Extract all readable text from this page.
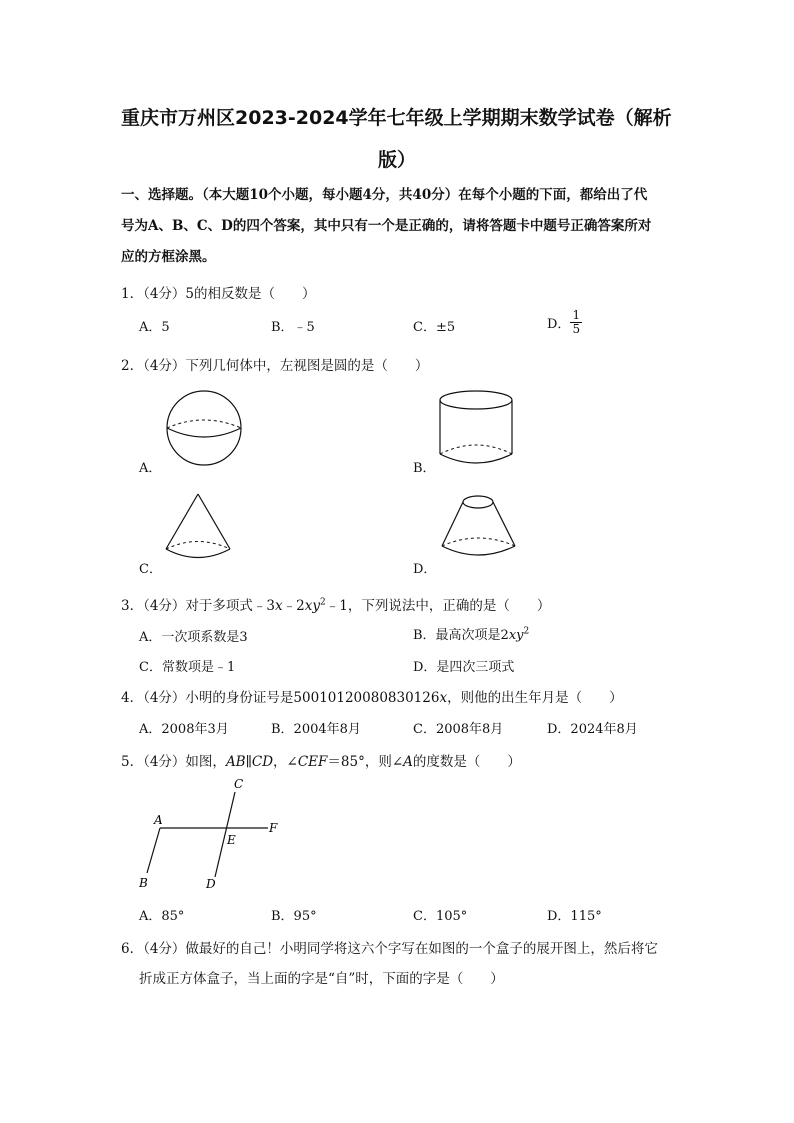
重庆市万州区2023-2024学年七年级上学期期末数学试卷（解析
版）
一、选择题。（本大题10个小题，每小题4分，共40分）在每个小题的下面，都给出了代
号为A、B、C、D的四个答案，其中只有一个是正确的，请将答题卡中题号正确答案所对
应的方框涂黑。
1．（4分）5的相反数是（　　）
A．5	B．﹣5	C．±5	D． $\frac{1}{5}$
2．（4分）下列几何体中，左视图是圆的是（　　）
A．	B．
C．	D．
3．（4分）对于多项式$﹣3x﹣2xy^2﹣1$，下列说法中，正确的是（　　）
A．一次项系数是3	B．最高次项是$2xy^2$
C．常数项是﹣1	D．是四次三项式
4．（4分）小明的身份证号是50010120080830126x，则他的出生年月是（　　）
A．2008年3月	B．2004年8月	C．2008年8月	D．2024年8月
5．（4分）如图，AB∥CD，∠CEF＝85°，则∠A的度数是（　　）
C
A
F
E
B	D
A．85°	B．95°	C．105°	D．115°
6．（4分）做最好的自己！小明同学将这六个字写在如图的一个盒子的展开图上，然后将它
折成正方体盒子，当上面的字是“自”时，下面的字是（　　）
